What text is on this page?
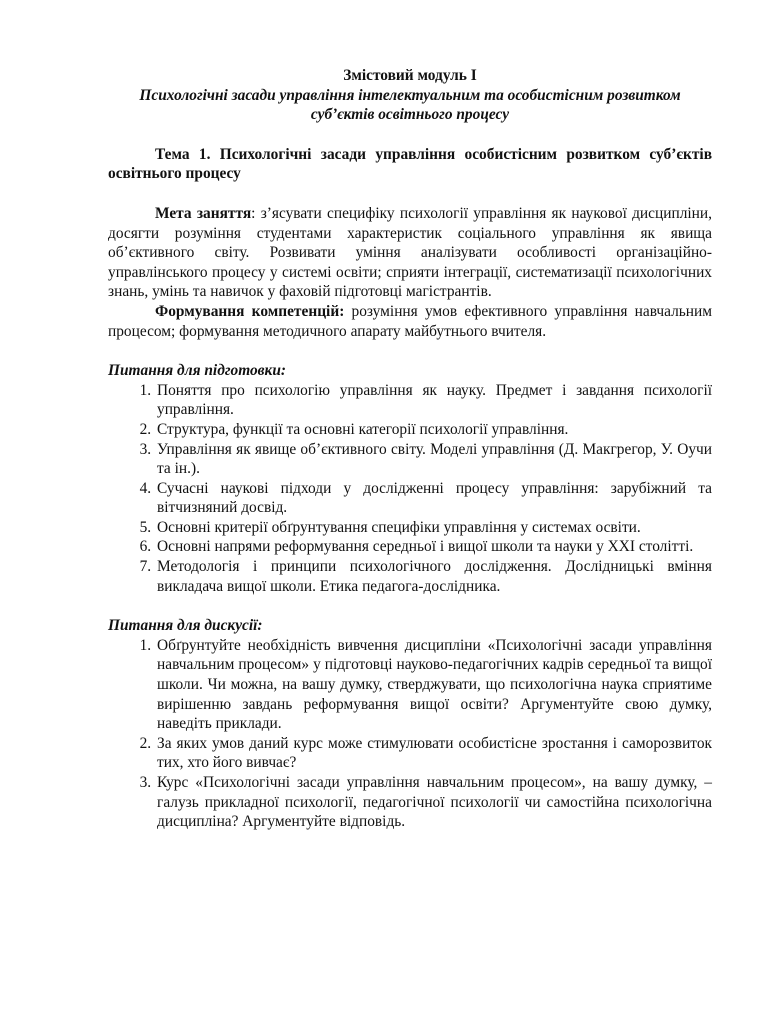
Змістовий модуль І

Психологічні засади управління інтелектуальним та особистісним розвитком суб’єктів освітнього процесу

Тема 1. Психологічні засади управління особистісним розвитком суб’єктів освітнього процесу

Мета заняття: з’ясувати специфіку психології управління як наукової дисципліни, досягти розуміння студентами характеристик соціального управління як явища об’єктивного світу. Розвивати уміння аналізувати особливості організаційно-управлінського процесу у системі освіти; сприяти інтеграції, систематизації психологічних знань, умінь та навичок у фаховій підготовці магістрантів.

Формування компетенцій: розуміння умов ефективного управління навчальним процесом; формування методичного апарату майбутнього вчителя.

Питання для підготовки:

1. Поняття про психологію управління як науку. Предмет і завдання психології управління.
2. Структура, функції та основні категорії психології управління.
3. Управління як явище об’єктивного світу. Моделі управління (Д. Макгрегор, У. Оучи та ін.).
4. Сучасні наукові підходи у дослідженні процесу управління: зарубіжний та вітчизняний досвід.
5. Основні критерії обґрунтування специфіки управління у системах освіти.
6. Основні напрями реформування середньої і вищої школи та науки у ХХІ столітті.
7. Методологія і принципи психологічного дослідження. Дослідницькі вміння викладача вищої школи. Етика педагога-дослідника.

Питання для дискусії:

1. Обґрунтуйте необхідність вивчення дисципліни «Психологічні засади управління навчальним процесом» у підготовці науково-педагогічних кадрів середньої та вищої школи. Чи можна, на вашу думку, стверджувати, що психологічна наука сприятиме вирішенню завдань реформування вищої освіти? Аргументуйте свою думку, наведіть приклади.
2. За яких умов даний курс може стимулювати особистісне зростання і саморозвиток тих, хто його вивчає?
3. Курс «Психологічні засади управління навчальним процесом», на вашу думку, – галузь прикладної психології, педагогічної психології чи самостійна психологічна дисципліна? Аргументуйте відповідь.
